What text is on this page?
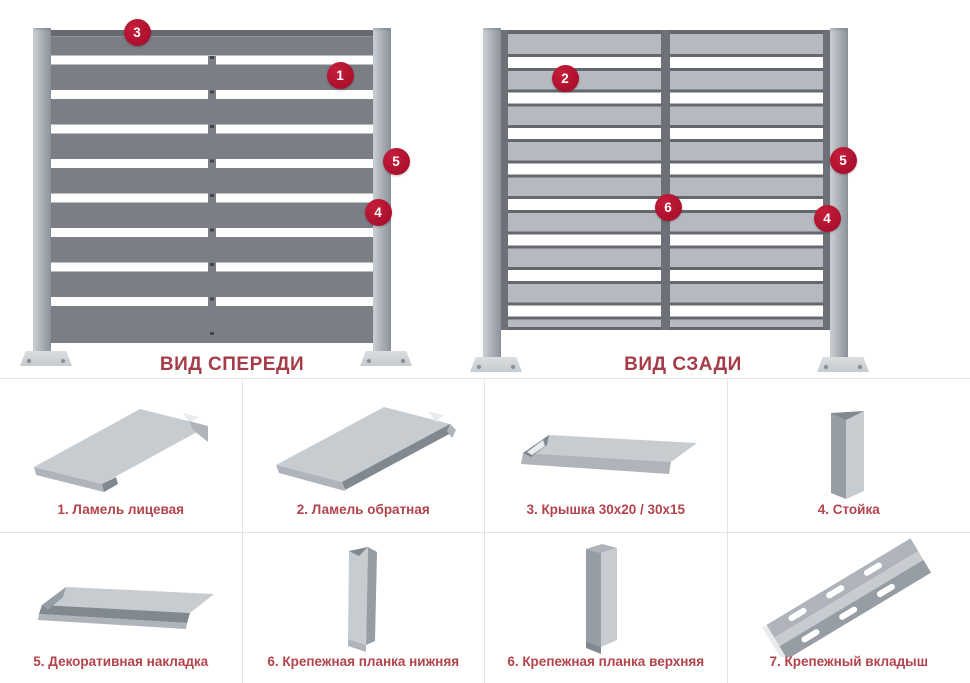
3
1
5
4
ВИД СПЕРЕДИ
2
5
6
4
ВИД СЗАДИ
1. Ламель лицевая	2. Ламель обратная	3. Крышка 30х20 / 30х15	4. Стойка
5. Декоративная накладка	6. Крепежная планка нижняя	6. Крепежная планка верхняя	7. Крепежный вкладыш
